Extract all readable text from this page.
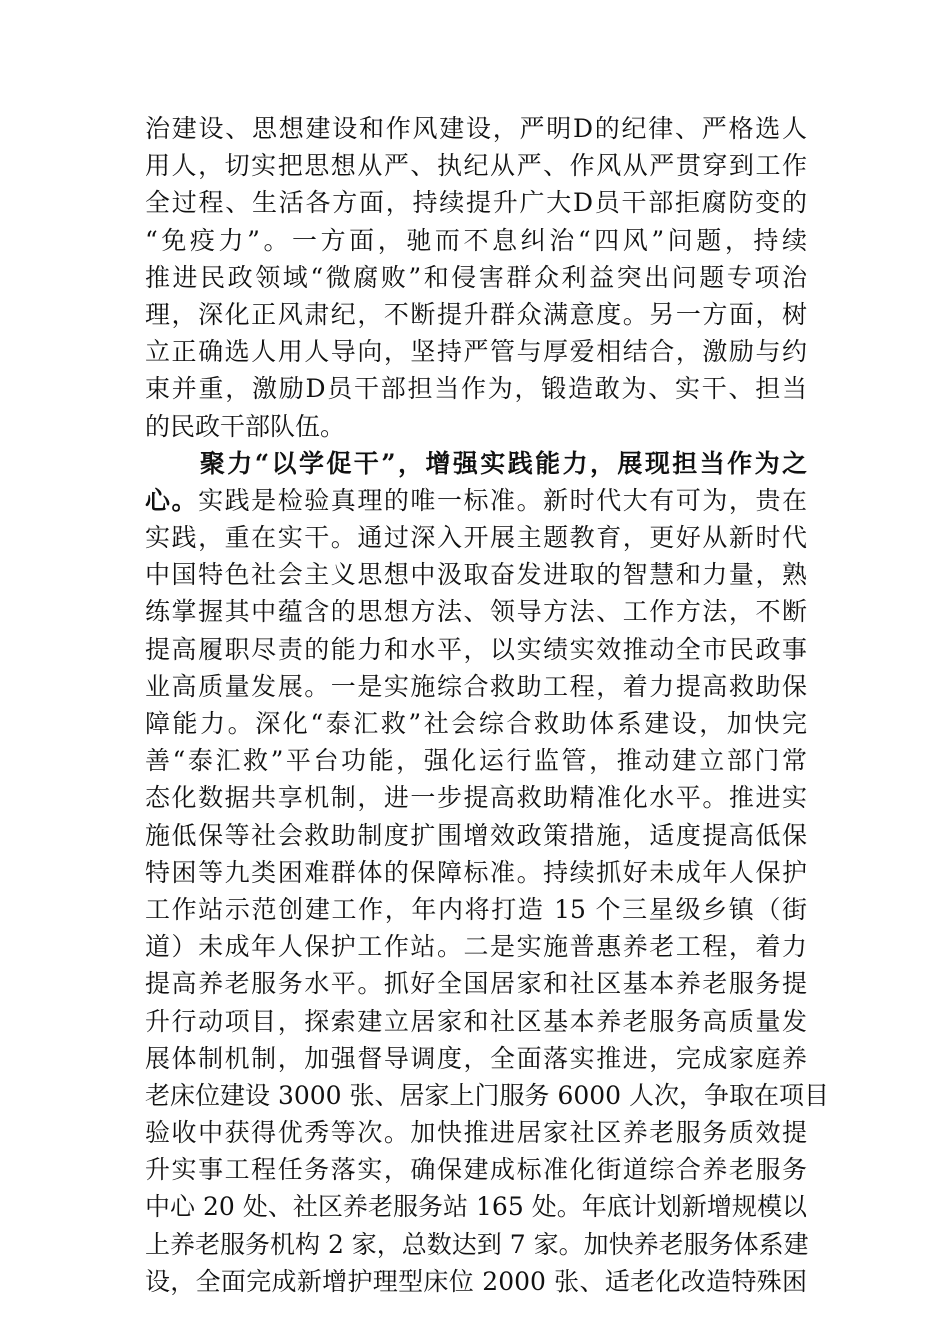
治建设、思想建设和作风建设，严明D的纪律、严格选人
用人，切实把思想从严、执纪从严、作风从严贯穿到工作
全过程、生活各方面，持续提升广大D员干部拒腐防变的
“免疫力”。一方面，驰而不息纠治“四风”问题，持续
推进民政领域“微腐败”和侵害群众利益突出问题专项治
理，深化正风肃纪，不断提升群众满意度。另一方面，树
立正确选人用人导向，坚持严管与厚爱相结合，激励与约
束并重，激励D员干部担当作为，锻造敢为、实干、担当
的民政干部队伍。
　　聚力“以学促干”，增强实践能力，展现担当作为之
心。实践是检验真理的唯一标准。新时代大有可为，贵在
实践，重在实干。通过深入开展主题教育，更好从新时代
中国特色社会主义思想中汲取奋发进取的智慧和力量，熟
练掌握其中蕴含的思想方法、领导方法、工作方法，不断
提高履职尽责的能力和水平，以实绩实效推动全市民政事
业高质量发展。一是实施综合救助工程，着力提高救助保
障能力。深化“泰汇救”社会综合救助体系建设，加快完
善“泰汇救”平台功能，强化运行监管，推动建立部门常
态化数据共享机制，进一步提高救助精准化水平。推进实
施低保等社会救助制度扩围增效政策措施，适度提高低保
特困等九类困难群体的保障标准。持续抓好未成年人保护
工作站示范创建工作，年内将打造 15 个三星级乡镇（街
道）未成年人保护工作站。二是实施普惠养老工程，着力
提高养老服务水平。抓好全国居家和社区基本养老服务提
升行动项目，探索建立居家和社区基本养老服务高质量发
展体制机制，加强督导调度，全面落实推进，完成家庭养
老床位建设 3000 张、居家上门服务 6000 人次，争取在项目
验收中获得优秀等次。加快推进居家社区养老服务质效提
升实事工程任务落实，确保建成标准化街道综合养老服务
中心 20 处、社区养老服务站 165 处。年底计划新增规模以
上养老服务机构 2 家，总数达到 7 家。加快养老服务体系建
设，全面完成新增护理型床位 2000 张、适老化改造特殊困
